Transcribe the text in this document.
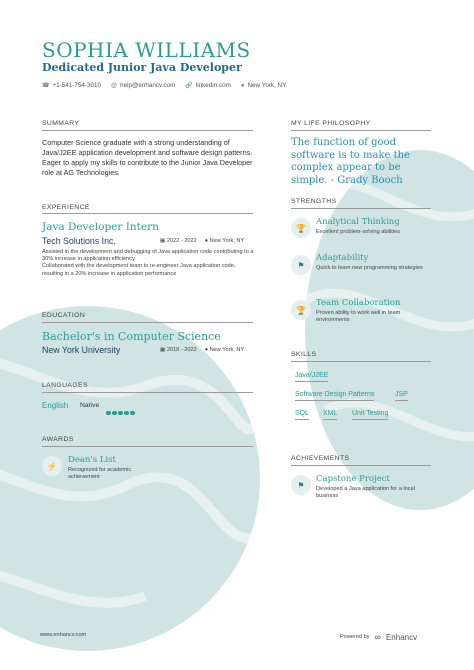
SOPHIA WILLIAMS
Dedicated Junior Java Developer
☎ +1-541-754-3010 @ help@enhancv.com 🔗 linkedin.com ● New York, NY
SUMMARY
Computer Science graduate with a strong understanding of Java/J2EE application development and software design patterns. Eager to apply my skills to contribute to the Junior Java Developer role at AG Technologies.
EXPERIENCE
Java Developer Intern
Tech Solutions Inc.	▦ 2022 - 2022 ● New York, NY
Assisted in the development and debugging of Java application code contributing to a 30% increase in application efficiency
Collaborated with the development team to re-engineer Java application code, resulting in a 20% increase in application performance
EDUCATION
Bachelor's in Computer Science
New York University	▦ 2018 - 2022 ● New York, NY
LANGUAGES
English Native
AWARDS
⚡
Dean's List
Recognized for academic achievement
MY LIFE PHILOSOPHY
The function of good software is to make the complex appear to be simple. - Grady Booch
STRENGTHS
🏆
Analytical Thinking
Excellent problem-solving abilities
⚑
Adaptability
Quick to learn new programming strategies
🏆
Team Collaboration
Proven ability to work well in team environments
SKILLS
Java/J2EE
Software Design Patterns	JSP
SQL XML Unit Testing
ACHIEVEMENTS
⚑
Capstone Project
Developed a Java application for a local business
www.enhancv.com	Powered by ∞ Enhancv
